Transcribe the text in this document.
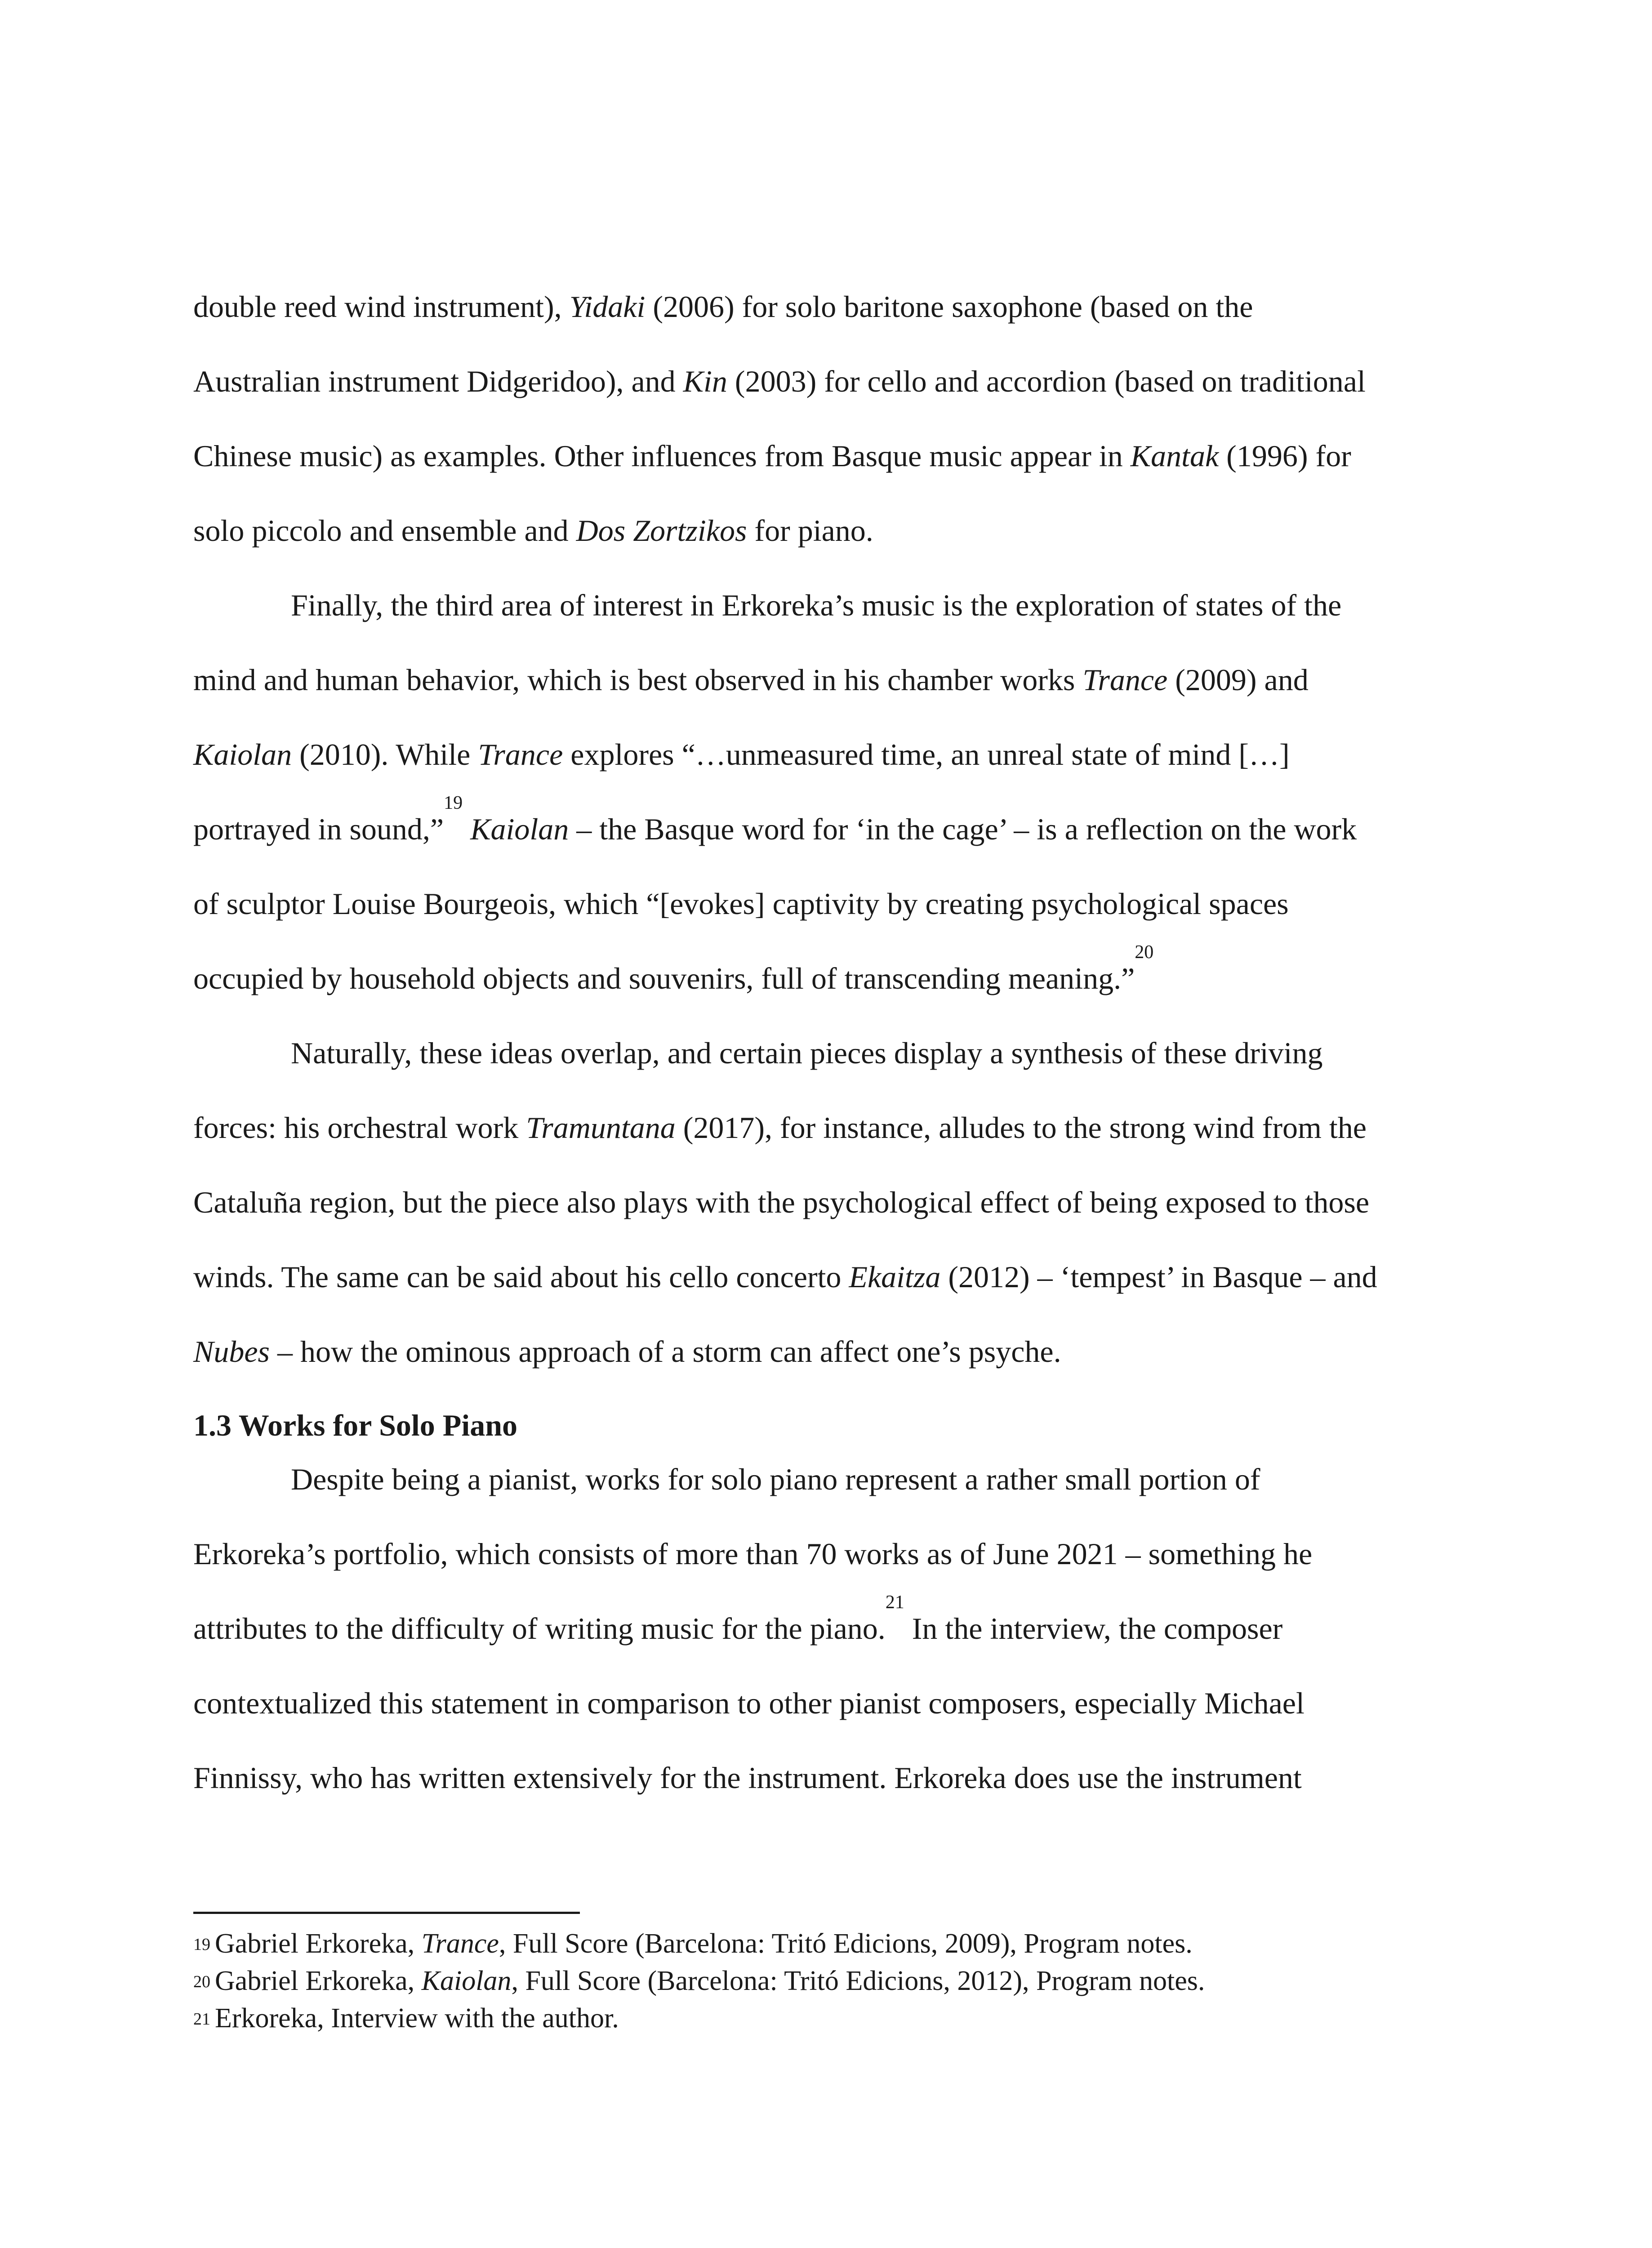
double reed wind instrument), Yidaki (2006) for solo baritone saxophone (based on the
Australian instrument Didgeridoo), and Kin (2003) for cello and accordion (based on traditional
Chinese music) as examples. Other influences from Basque music appear in Kantak (1996) for
solo piccolo and ensemble and Dos Zortzikos for piano.
Finally, the third area of interest in Erkoreka’s music is the exploration of states of the
mind and human behavior, which is best observed in his chamber works Trance (2009) and
Kaiolan (2010). While Trance explores “…unmeasured time, an unreal state of mind […]
portrayed in sound,”$^{19}$ Kaiolan – the Basque word for ‘in the cage’ – is a reflection on the work
of sculptor Louise Bourgeois, which “[evokes] captivity by creating psychological spaces
occupied by household objects and souvenirs, full of transcending meaning.”$^{20}$
Naturally, these ideas overlap, and certain pieces display a synthesis of these driving
forces: his orchestral work Tramuntana (2017), for instance, alludes to the strong wind from the
Cataluña region, but the piece also plays with the psychological effect of being exposed to those
winds. The same can be said about his cello concerto Ekaitza (2012) – ‘tempest’ in Basque – and
Nubes – how the ominous approach of a storm can affect one’s psyche.
1.3 Works for Solo Piano
Despite being a pianist, works for solo piano represent a rather small portion of
Erkoreka’s portfolio, which consists of more than 70 works as of June 2021 – something he
attributes to the difficulty of writing music for the piano.$^{21}$ In the interview, the composer
contextualized this statement in comparison to other pianist composers, especially Michael
Finnissy, who has written extensively for the instrument. Erkoreka does use the instrument
$^{19}$ Gabriel Erkoreka, Trance, Full Score (Barcelona: Tritó Edicions, 2009), Program notes.
$^{20}$ Gabriel Erkoreka, Kaiolan, Full Score (Barcelona: Tritó Edicions, 2012), Program notes.
$^{21}$ Erkoreka, Interview with the author.
